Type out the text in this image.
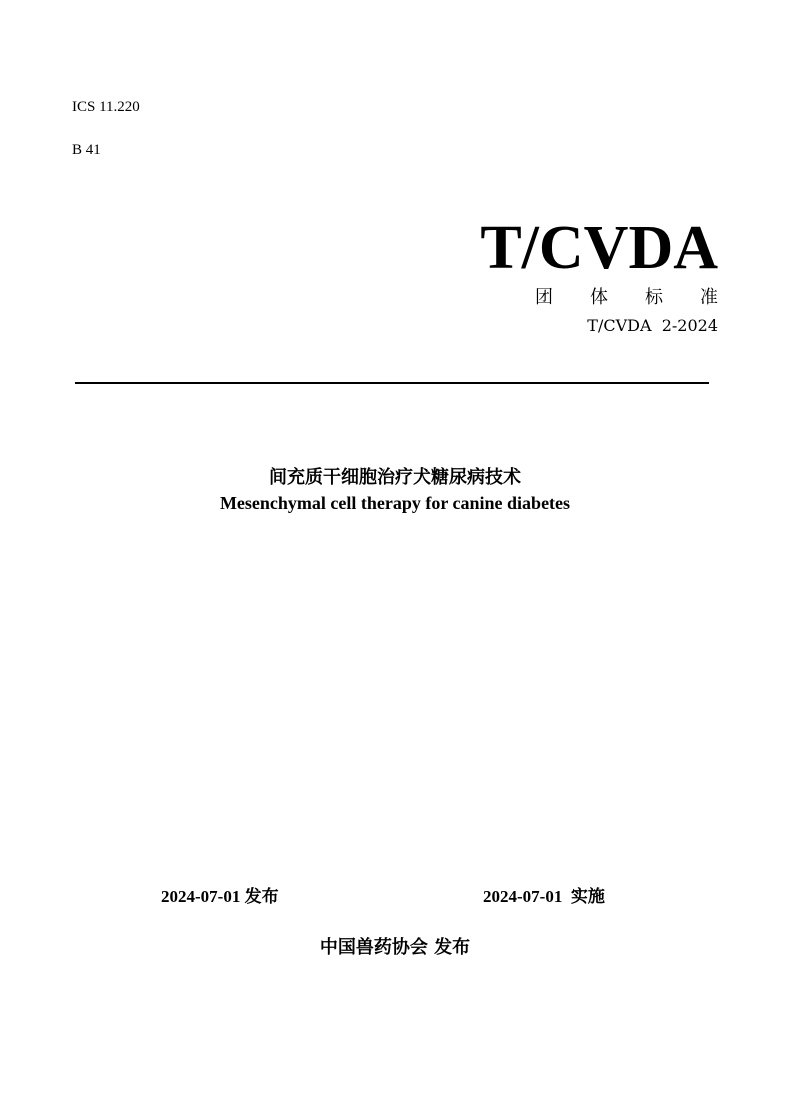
ICS 11.220
B 41
T/CVDA
团体标准
T/CVDA  2-2024
间充质干细胞治疗犬糖尿病技术
Mesenchymal cell therapy for canine diabetes
2024-07-01 发布	2024-07-01 实施
中国兽药协会 发布
